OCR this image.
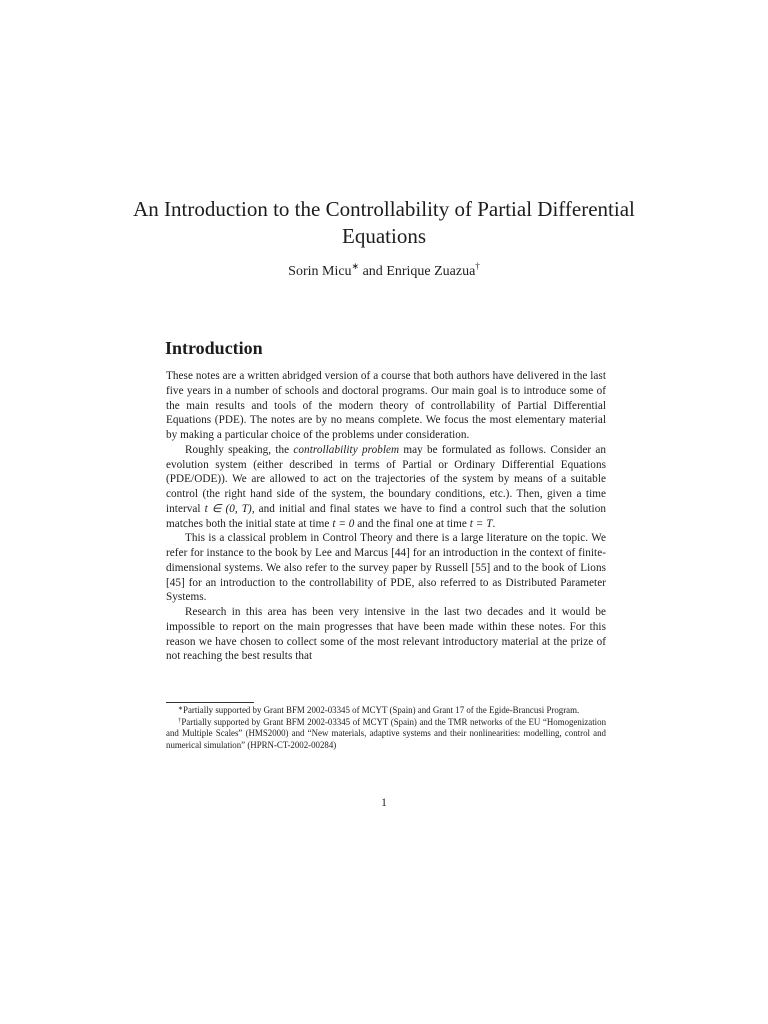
An Introduction to the Controllability of Partial Differential Equations
Sorin Micu∗ and Enrique Zuazua†
Introduction

These notes are a written abridged version of a course that both authors have delivered in the last five years in a number of schools and doctoral programs. Our main goal is to introduce some of the main results and tools of the modern theory of controllability of Partial Differential Equations (PDE). The notes are by no means complete. We focus the most elementary material by making a particular choice of the problems under consideration.

Roughly speaking, the controllability problem may be formulated as follows. Consider an evolution system (either described in terms of Partial or Ordinary Differential Equations (PDE/ODE)). We are allowed to act on the trajectories of the system by means of a suitable control (the right hand side of the system, the boundary conditions, etc.). Then, given a time interval t ∈ (0, T), and initial and final states we have to find a control such that the solution matches both the initial state at time t = 0 and the final one at time t = T.

This is a classical problem in Control Theory and there is a large literature on the topic. We refer for instance to the book by Lee and Marcus [44] for an introduction in the context of finite-dimensional systems. We also refer to the survey paper by Russell [55] and to the book of Lions [45] for an introduction to the controllability of PDE, also referred to as Distributed Parameter Systems.

Research in this area has been very intensive in the last two decades and it would be impossible to report on the main progresses that have been made within these notes. For this reason we have chosen to collect some of the most relevant introductory material at the prize of not reaching the best results that

∗Partially supported by Grant BFM 2002-03345 of MCYT (Spain) and Grant 17 of the Egide-Brancusi Program.

†Partially supported by Grant BFM 2002-03345 of MCYT (Spain) and the TMR networks of the EU “Homogenization and Multiple Scales” (HMS2000) and “New materials, adaptive systems and their nonlinearities: modelling, control and numerical simulation” (HPRN-CT-2002-00284)

1
